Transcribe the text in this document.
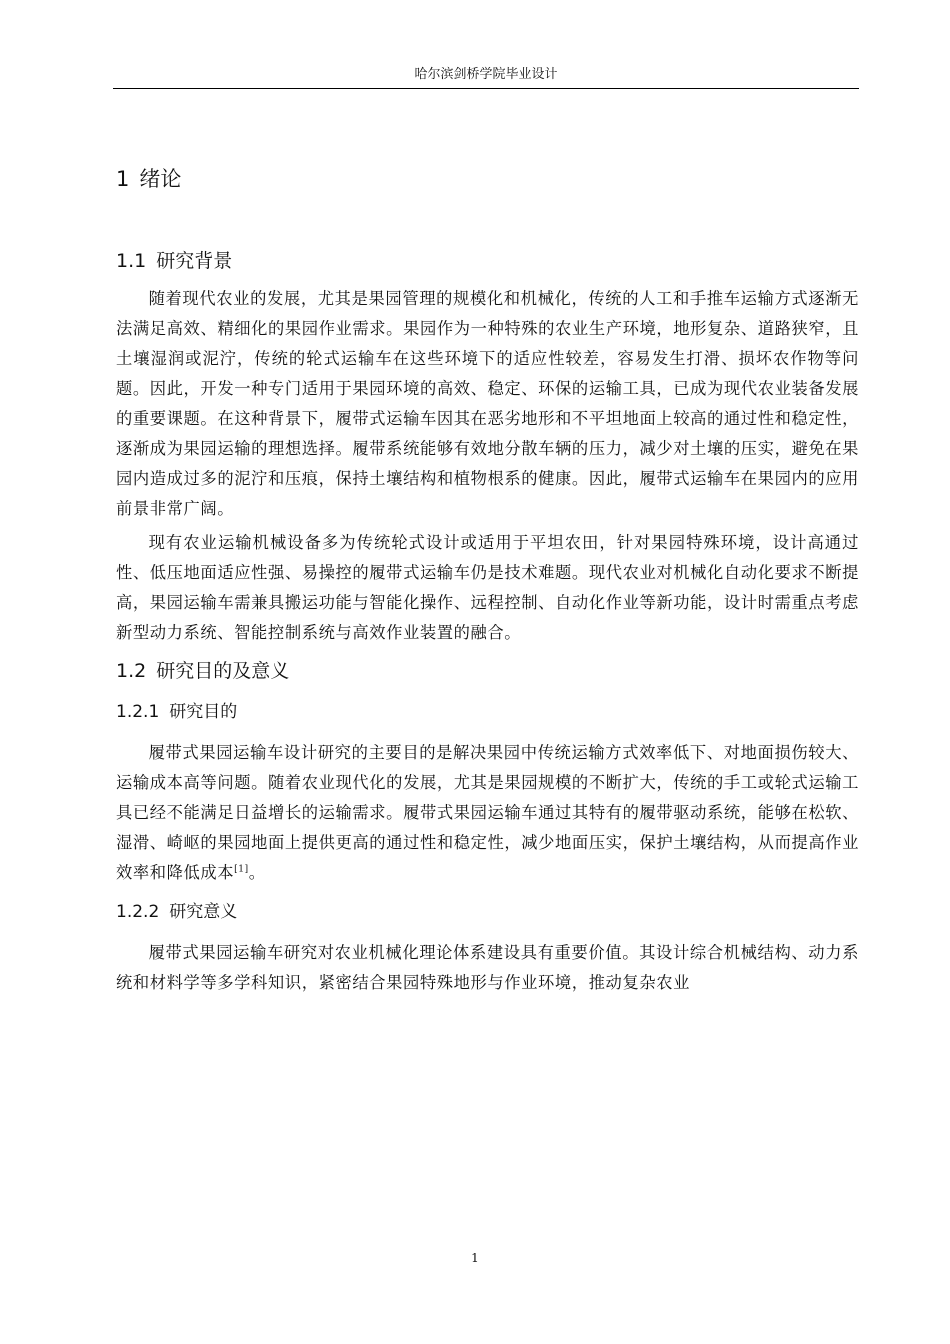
哈尔滨剑桥学院毕业设计
1 绪论
1.1 研究背景

随着现代农业的发展，尤其是果园管理的规模化和机械化，传统的人工和手推车运输方式逐渐无法满足高效、精细化的果园作业需求。果园作为一种特殊的农业生产环境，地形复杂、道路狭窄，且土壤湿润或泥泞，传统的轮式运输车在这些环境下的适应性较差，容易发生打滑、损坏农作物等问题。因此，开发一种专门适用于果园环境的高效、稳定、环保的运输工具，已成为现代农业装备发展的重要课题。在这种背景下，履带式运输车因其在恶劣地形和不平坦地面上较高的通过性和稳定性，逐渐成为果园运输的理想选择。履带系统能够有效地分散车辆的压力，减少对土壤的压实，避免在果园内造成过多的泥泞和压痕，保持土壤结构和植物根系的健康。因此，履带式运输车在果园内的应用前景非常广阔。

现有农业运输机械设备多为传统轮式设计或适用于平坦农田，针对果园特殊环境，设计高通过性、低压地面适应性强、易操控的履带式运输车仍是技术难题。现代农业对机械化自动化要求不断提高，果园运输车需兼具搬运功能与智能化操作、远程控制、自动化作业等新功能，设计时需重点考虑新型动力系统、智能控制系统与高效作业装置的融合。

1.2 研究目的及意义
1.2.1 研究目的

履带式果园运输车设计研究的主要目的是解决果园中传统运输方式效率低下、对地面损伤较大、运输成本高等问题。随着农业现代化的发展，尤其是果园规模的不断扩大，传统的手工或轮式运输工具已经不能满足日益增长的运输需求。履带式果园运输车通过其特有的履带驱动系统，能够在松软、湿滑、崎岖的果园地面上提供更高的通过性和稳定性，减少地面压实，保护土壤结构，从而提高作业效率和降低成本[1]。

1.2.2 研究意义

履带式果园运输车研究对农业机械化理论体系建设具有重要价值。其设计综合机械结构、动力系统和材料学等多学科知识，紧密结合果园特殊地形与作业环境，推动复杂农业

1
